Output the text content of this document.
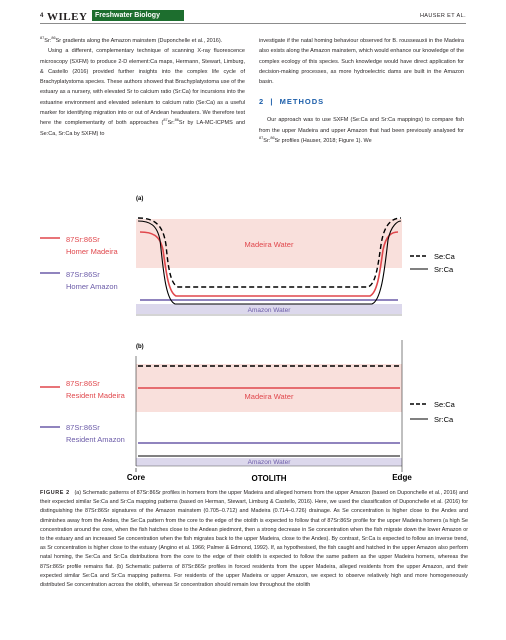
4 WILEY	Freshwater Biology	HAUSER ET AL.

$^{87}$Sr:$^{86}$Sr gradients along the Amazon mainstem (Duponchelle et al., 2016).

Using a different, complementary technique of scanning X-ray fluorescence microscopy (SXFM) to produce 2-D element:Ca maps, Hermann, Stewart, Limburg, & Castello (2016) provided further insights into the complex life cycle of Brachyplatystoma species. These authors showed that Brachyplatystoma use of the estuary as a nursery, with elevated Sr to calcium ratio (Sr:Ca) for incursions into the estuarine environment and elevated selenium to calcium ratio (Se:Ca) as a useful marker for identifying migration into or out of Andean headwaters. We therefore test here the complementarity of both approaches ($^{87}$Sr:$^{86}$Sr by LA-MC-ICPMS and Se:Ca, Sr:Ca by SXFM) to

investigate if the natal homing behaviour observed for B. rousseauxii in the Madeira also exists along the Amazon mainstem, which would enhance our knowledge of the complex ecology of this species. Such knowledge would have direct application for decision-making processes, as more hydroelectric dams are built in the Amazon basin.

2  |  METHODS

Our approach was to use SXFM (Se:Ca and Sr:Ca mappings) to compare fish from the upper Madeira and upper Amazon that had been previously analysed for $^{87}$Sr:$^{86}$Sr profiles (Hauser, 2018; Figure 1). We

(a)
Madeira Water
Amazon Water
87Sr:86Sr
Homer Madeira
87Sr:86Sr
Homer Amazon
Se:Ca
Sr:Ca
(b)
Madeira Water
Amazon Water
87Sr:86Sr
Resident Madeira
87Sr:86Sr
Resident Amazon
Se:Ca
Sr:Ca
Core	OTOLITH	Edge
FIGURE 2 (a) Schematic patterns of 87Sr:86Sr profiles in homers from the upper Madeira and alleged homers from the upper Amazon (based on Duponchelle et al., 2016) and their expected similar Se:Ca and Sr:Ca mapping patterns (based on Herman, Stewart, Limburg & Castello, 2016). Here, we used the classification of Duponchelle et al. (2016) for distinguishing the 87Sr:86Sr signatures of the Amazon mainstem (0.705–0.712) and Madeira (0.714–0.726) drainage. As Se concentration is higher close to the Andes and diminishes away from the Andes, the Se:Ca pattern from the core to the edge of the otolith is expected to follow that of 87Sr:86Sr profile for the upper Madeira homers (a high Se concentration around the core, when the fish hatches close to the Andean piedmont, then a strong decrease in Se concentration when the fish migrate down the lower Amazon or to the estuary and an increased Se concentration when the fish migrates back to the upper Madeira, close to the Andes). By contrast, Sr:Ca is expected to follow an inverse trend, as Sr concentration is higher close to the estuary (Angino et al. 1966; Palmer & Edmond, 1992). If, as hypothesised, the fish caught and hatched in the upper Amazon also perform natal homing, the Se:Ca and Sr:Ca distributions from the core to the edge of their otolith is expected to follow the same pattern as the upper Madeira homers, whereas the 87Sr:86Sr profile remains flat. (b) Schematic patterns of 87Sr:86Sr profiles in forced residents from the upper Madeira, alleged residents from the upper Amazon, and their expected similar Se:Ca and Sr:Ca mapping patterns. For residents of the upper Madeira or upper Amazon, we expect to observe relatively high and more homogeneously distributed Se concentration across the otolith, whereas Sr concentration should remain low throughout the otolith
